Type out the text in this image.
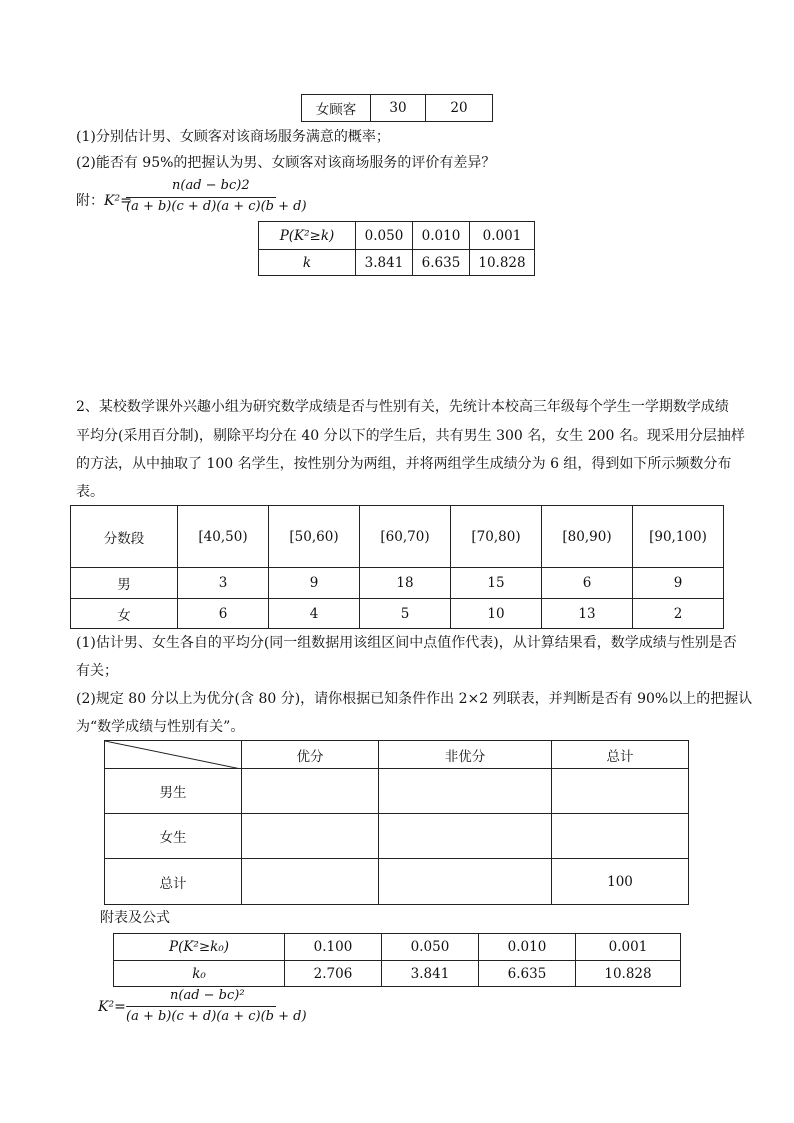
女顾客	30	20
(1)分别估计男、女顾客对该商场服务满意的概率；
(2)能否有 95%的把握认为男、女顾客对该商场服务的评价有差异？
附：K²=
n(ad − bc)2
(a + b)(c + d)(a + c)(b + d)
P(K²≥k)	0.050	0.010	0.001
k	3.841	6.635	10.828
2、某校数学课外兴趣小组为研究数学成绩是否与性别有关，先统计本校高三年级每个学生一学期数学成绩
平均分(采用百分制)，剔除平均分在 40 分以下的学生后，共有男生 300 名，女生 200 名。现采用分层抽样
的方法，从中抽取了 100 名学生，按性别分为两组，并将两组学生成绩分为 6 组，得到如下所示频数分布
表。
分数段	[40,50)	[50,60)	[60,70)	[70,80)	[80,90)	[90,100)
男	3	9	18	15	6	9
女	6	4	5	10	13	2
(1)估计男、女生各自的平均分(同一组数据用该组区间中点值作代表)，从计算结果看，数学成绩与性别是否
有关；
(2)规定 80 分以上为优分(含 80 分)，请你根据已知条件作出 2×2 列联表，并判断是否有 90%以上的把握认
为“数学成绩与性别有关”。
	优分	非优分	总计
男生			
女生			
总计			100
附表及公式
P(K²≥k₀)	0.100	0.050	0.010	0.001
k₀	2.706	3.841	6.635	10.828
K²=
n(ad − bc)²
(a + b)(c + d)(a + c)(b + d)
